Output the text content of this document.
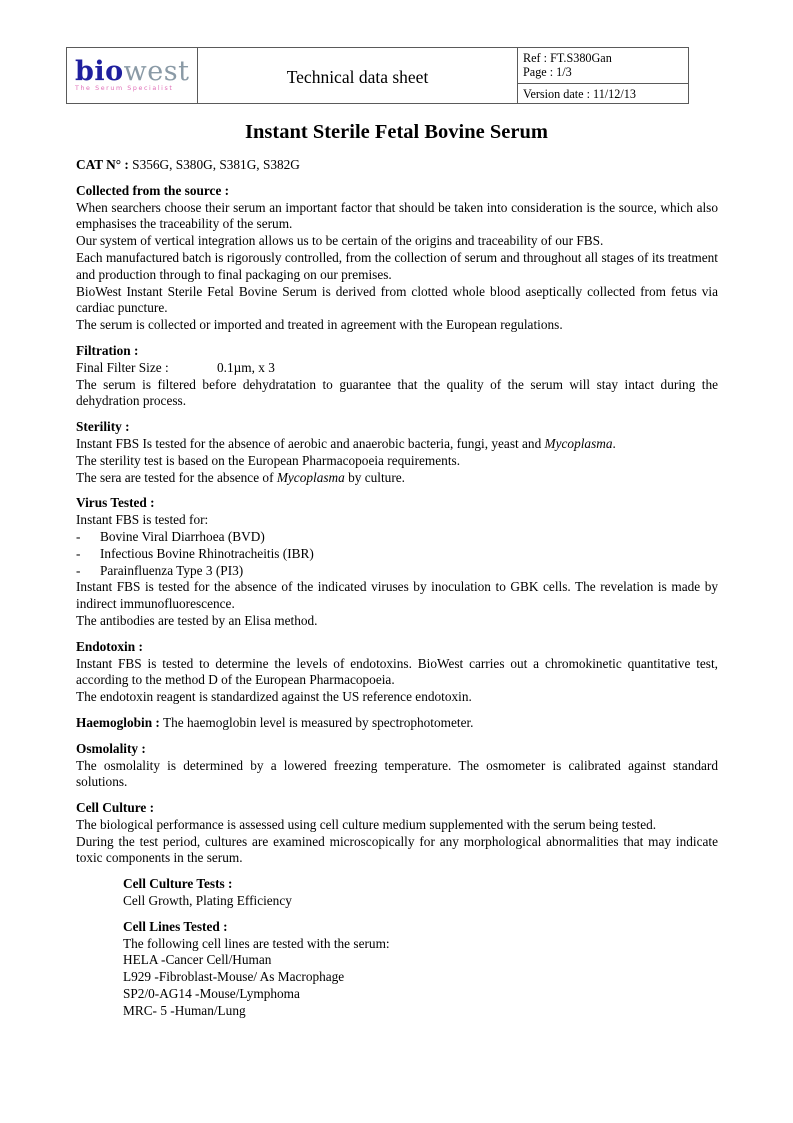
biowest
The Serum Specialist
Technical data sheet
Ref : FT.S380Gan
Page : 1/3
Version date : 11/12/13
Instant Sterile Fetal Bovine Serum

CAT N° : S356G, S380G, S381G, S382G

Collected from the source :

When searchers choose their serum an important factor that should be taken into consideration is the source, which also emphasises the traceability of the serum.

Our system of vertical integration allows us to be certain of the origins and traceability of our FBS.

Each manufactured batch is rigorously controlled, from the collection of serum and throughout all stages of its treatment and production through to final packaging on our premises.

BioWest Instant Sterile Fetal Bovine Serum is derived from clotted whole blood aseptically collected from fetus via cardiac puncture.

The serum is collected or imported and treated in agreement with the European regulations.

Filtration :

Final Filter Size :	0.1µm, x 3

The serum is filtered before dehydratation to guarantee that the quality of the serum will stay intact during the dehydration process.

Sterility :

Instant FBS Is tested for the absence of aerobic and anaerobic bacteria, fungi, yeast and Mycoplasma.

The sterility test is based on the European Pharmacopoeia requirements.

The sera are tested for the absence of Mycoplasma by culture.

Virus Tested :

Instant FBS is tested for:

-	Bovine Viral Diarrhoea (BVD)
-	Infectious Bovine Rhinotracheitis (IBR)
-	Parainfluenza Type 3 (PI3)

Instant FBS is tested for the absence of the indicated viruses by inoculation to GBK cells. The revelation is made by indirect immunofluorescence.

The antibodies are tested by an Elisa method.

Endotoxin :

Instant FBS is tested to determine the levels of endotoxins. BioWest carries out a chromokinetic quantitative test, according to the method D of the European Pharmacopoeia.

The endotoxin reagent is standardized against the US reference endotoxin.

Haemoglobin : The haemoglobin level is measured by spectrophotometer.

Osmolality :

The osmolality is determined by a lowered freezing temperature. The osmometer is calibrated against standard solutions.

Cell Culture :

The biological performance is assessed using cell culture medium supplemented with the serum being tested.

During the test period, cultures are examined microscopically for any morphological abnormalities that may indicate toxic components in the serum.

Cell Culture Tests :

Cell Growth, Plating Efficiency

Cell Lines Tested :

The following cell lines are tested with the serum:

HELA -Cancer Cell/Human

L929 -Fibroblast-Mouse/ As Macrophage

SP2/0-AG14 -Mouse/Lymphoma

MRC- 5 -Human/Lung
